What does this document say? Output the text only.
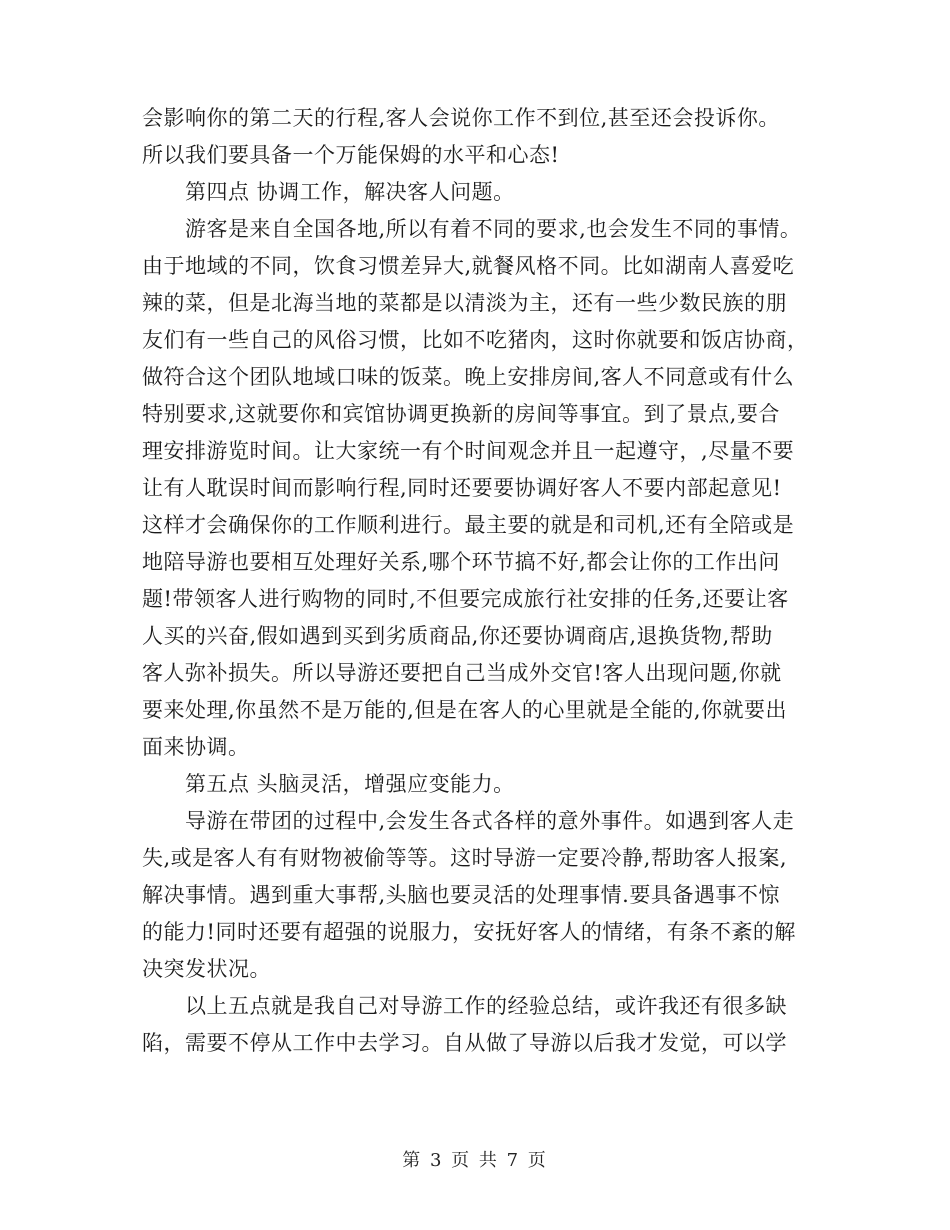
会影响你的第二天的行程,客人会说你工作不到位,甚至还会投诉你。
所以我们要具备一个万能保姆的水平和心态!
　　第四点 协调工作，解决客人问题。
　　游客是来自全国各地,所以有着不同的要求,也会发生不同的事情。
由于地域的不同，饮食习惯差异大,就餐风格不同。比如湖南人喜爱吃
辣的菜，但是北海当地的菜都是以清淡为主，还有一些少数民族的朋
友们有一些自己的风俗习惯，比如不吃猪肉，这时你就要和饭店协商，
做符合这个团队地域口味的饭菜。晚上安排房间,客人不同意或有什么
特别要求,这就要你和宾馆协调更换新的房间等事宜。到了景点,要合
理安排游览时间。让大家统一有个时间观念并且一起遵守，,尽量不要
让有人耽误时间而影响行程,同时还要要协调好客人不要内部起意见!
这样才会确保你的工作顺利进行。最主要的就是和司机,还有全陪或是
地陪导游也要相互处理好关系,哪个环节搞不好,都会让你的工作出问
题!带领客人进行购物的同时,不但要完成旅行社安排的任务,还要让客
人买的兴奋,假如遇到买到劣质商品,你还要协调商店,退换货物,帮助
客人弥补损失。所以导游还要把自己当成外交官!客人出现问题,你就
要来处理,你虽然不是万能的,但是在客人的心里就是全能的,你就要出
面来协调。
　　第五点 头脑灵活，增强应变能力。
　　导游在带团的过程中,会发生各式各样的意外事件。如遇到客人走
失,或是客人有有财物被偷等等。这时导游一定要冷静,帮助客人报案,
解决事情。遇到重大事帮,头脑也要灵活的处理事情.要具备遇事不惊
的能力!同时还要有超强的说服力，安抚好客人的情绪，有条不紊的解
决突发状况。
　　以上五点就是我自己对导游工作的经验总结，或许我还有很多缺
陷，需要不停从工作中去学习。自从做了导游以后我才发觉，可以学
第 3 页 共 7 页
